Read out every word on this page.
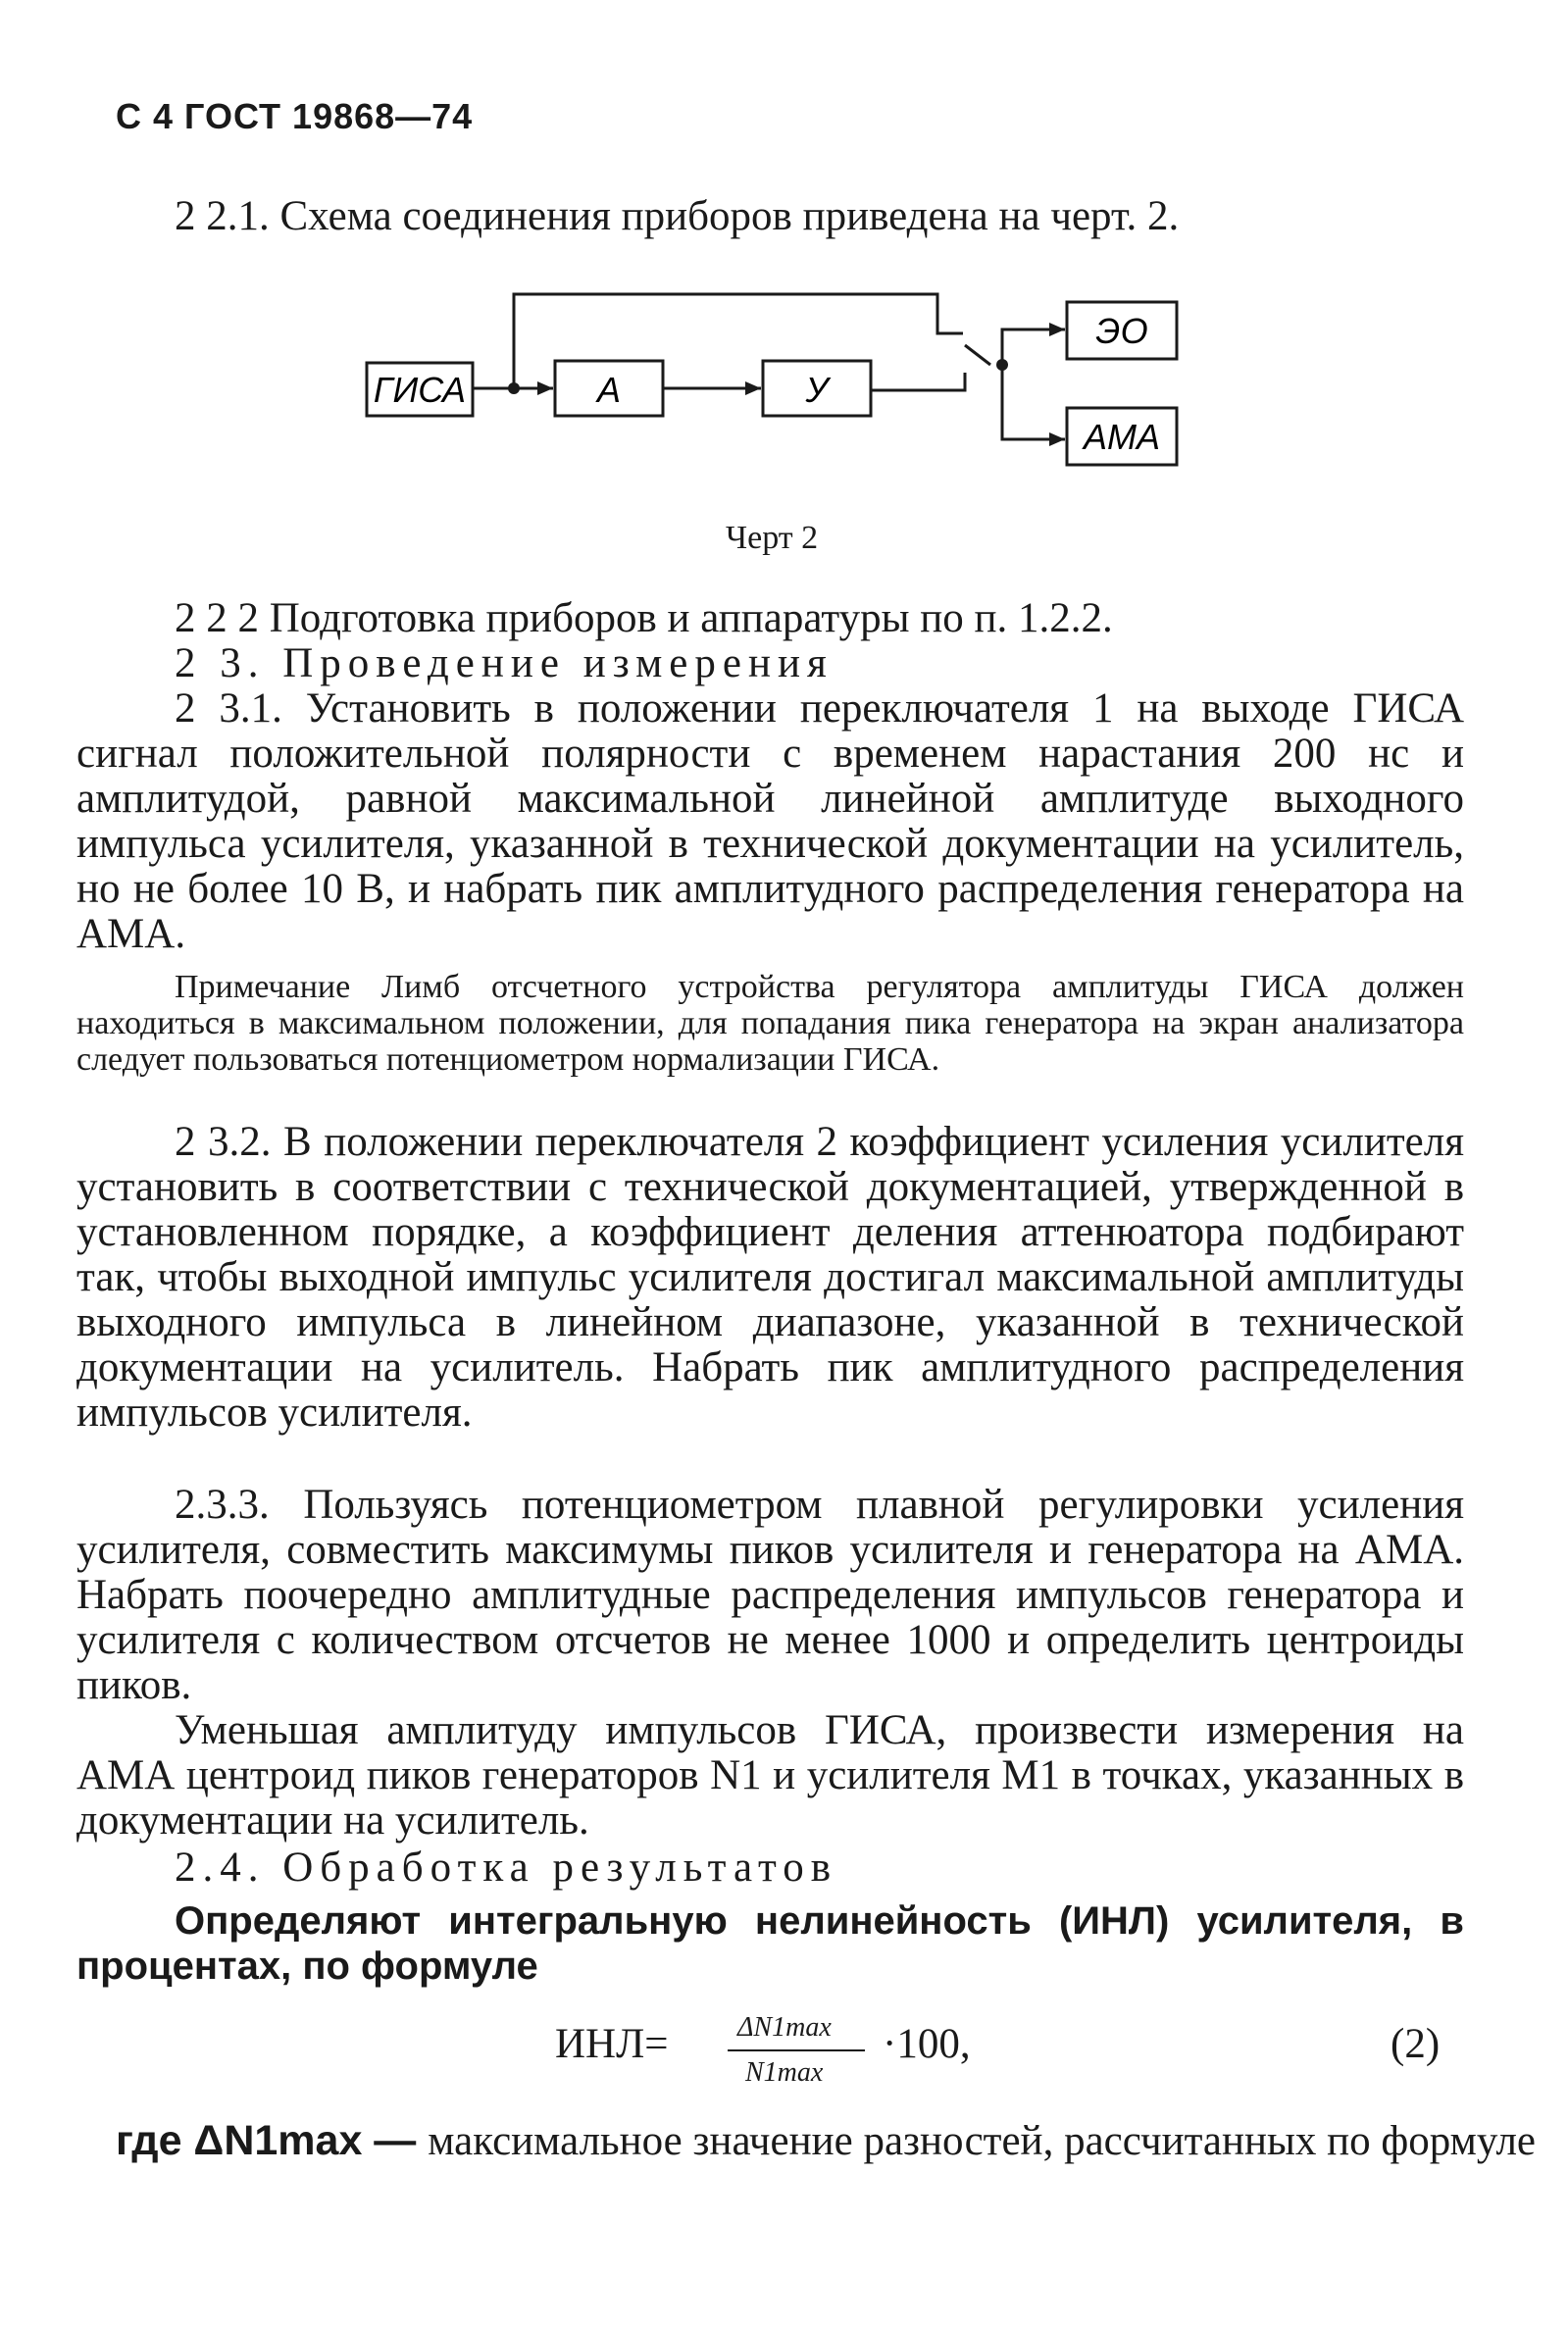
С 4 ГОСТ 19868—74
2 2.1. Схема соединения приборов приведена на черт. 2.
ГИСА	А	У
ЭО
АМА
Черт 2
2 2 2 Подготовка приборов и аппаратуры по п. 1.2.2.
2 3. Проведение измерения
2 3.1. Установить в положении переключателя 1 на выходе ГИСА сигнал положительной полярности с временем нарастания 200 нс и амплитудой, равной максимальной линейной амплитуде выходного импульса усилителя, указанной в технической документации на усилитель, но не более 10 В, и набрать пик амплитудного распределения генератора на АМА.
Примечание Лимб отсчетного устройства регулятора амплитуды ГИСА должен находиться в максимальном положении, для попадания пика генератора на экран анализатора следует пользоваться потенциометром нормализации ГИСА.
2 3.2. В положении переключателя 2 коэффициент усиления усилителя установить в соответствии с технической документацией, утвержденной в установленном порядке, а коэффициент деления аттенюатора подбирают так, чтобы выходной импульс усилителя достигал максимальной амплитуды выходного импульса в линейном диапазоне, указанной в технической документации на усилитель. Набрать пик амплитудного распределения импульсов усилителя.
2.3.3. Пользуясь потенциометром плавной регулировки усиления усилителя, совместить максимумы пиков усилителя и генератора на АМА. Набрать поочередно амплитудные распределения импульсов генератора и усилителя с количеством отсчетов не менее 1000 и определить центроиды пиков.
Уменьшая амплитуду импульсов ГИСА, произвести измерения на АМА центроид пиков генераторов N1 и усилителя M1 в точках, указанных в документации на усилитель.
2.4. Обработка результатов
Определяют интегральную нелинейность (ИНЛ) усилителя, в процентах, по формуле
ИНЛ=	ΔN1max
N1max
·100,	(2)
где ΔN1max — максимальное значение разностей, рассчитанных по формуле
